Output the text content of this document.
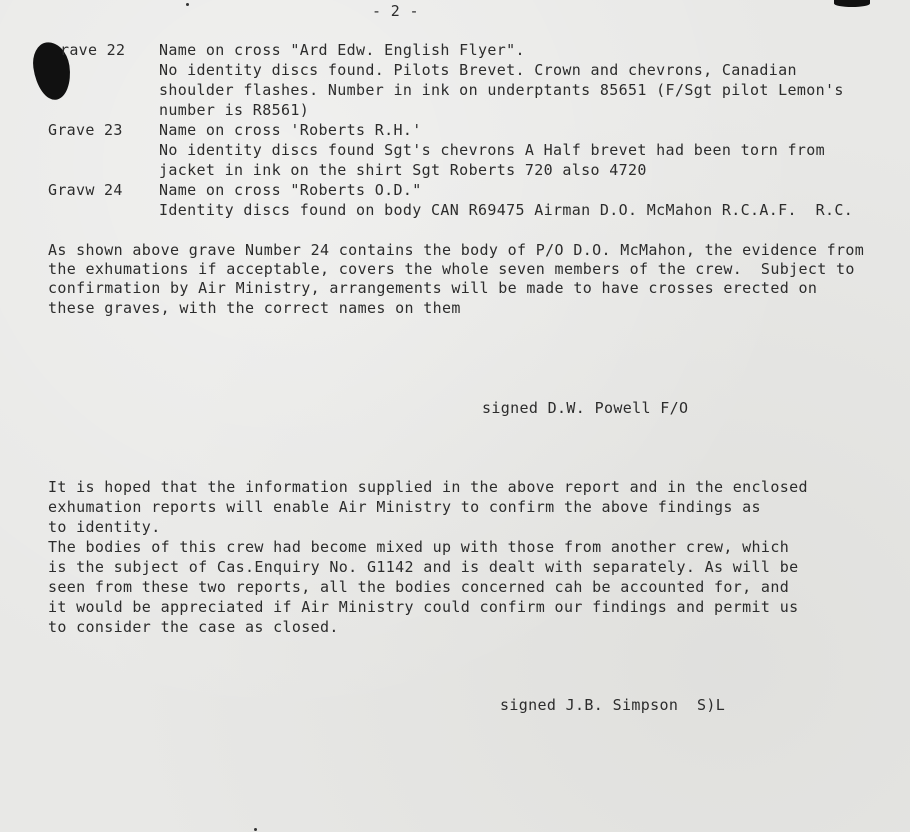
- 2 -
rave 22 Name on cross "Ard Edw. English Flyer".
No identity discs found. Pilots Brevet. Crown and chevrons, Canadian
shoulder flashes. Number in ink on underptants 85651 (F/Sgt pilot Lemon's
number is R8561)
Grave 23 Name on cross 'Roberts R.H.'
No identity discs found Sgt's chevrons A Half brevet had been torn from
jacket in ink on the shirt Sgt Roberts 720 also 4720
Gravw 24 Name on cross "Roberts O.D."
Identity discs found on body CAN R69475 Airman D.O. McMahon R.C.A.F.  R.C.
As shown above grave Number 24 contains the body of P/O D.O. McMahon, the evidence from
the exhumations if acceptable, covers the whole seven members of the crew.  Subject to
confirmation by Air Ministry, arrangements will be made to have crosses erected on
these graves, with the correct names on them
signed D.W. Powell F/O
It is hoped that the information supplied in the above report and in the enclosed
exhumation reports will enable Air Ministry to confirm the above findings as
to identity.
The bodies of this crew had become mixed up with those from another crew, which
is the subject of Cas.Enquiry No. G1142 and is dealt with separately. As will be
seen from these two reports, all the bodies concerned cah be accounted for, and
it would be appreciated if Air Ministry could confirm our findings and permit us
to consider the case as closed.
signed J.B. Simpson  S)L
